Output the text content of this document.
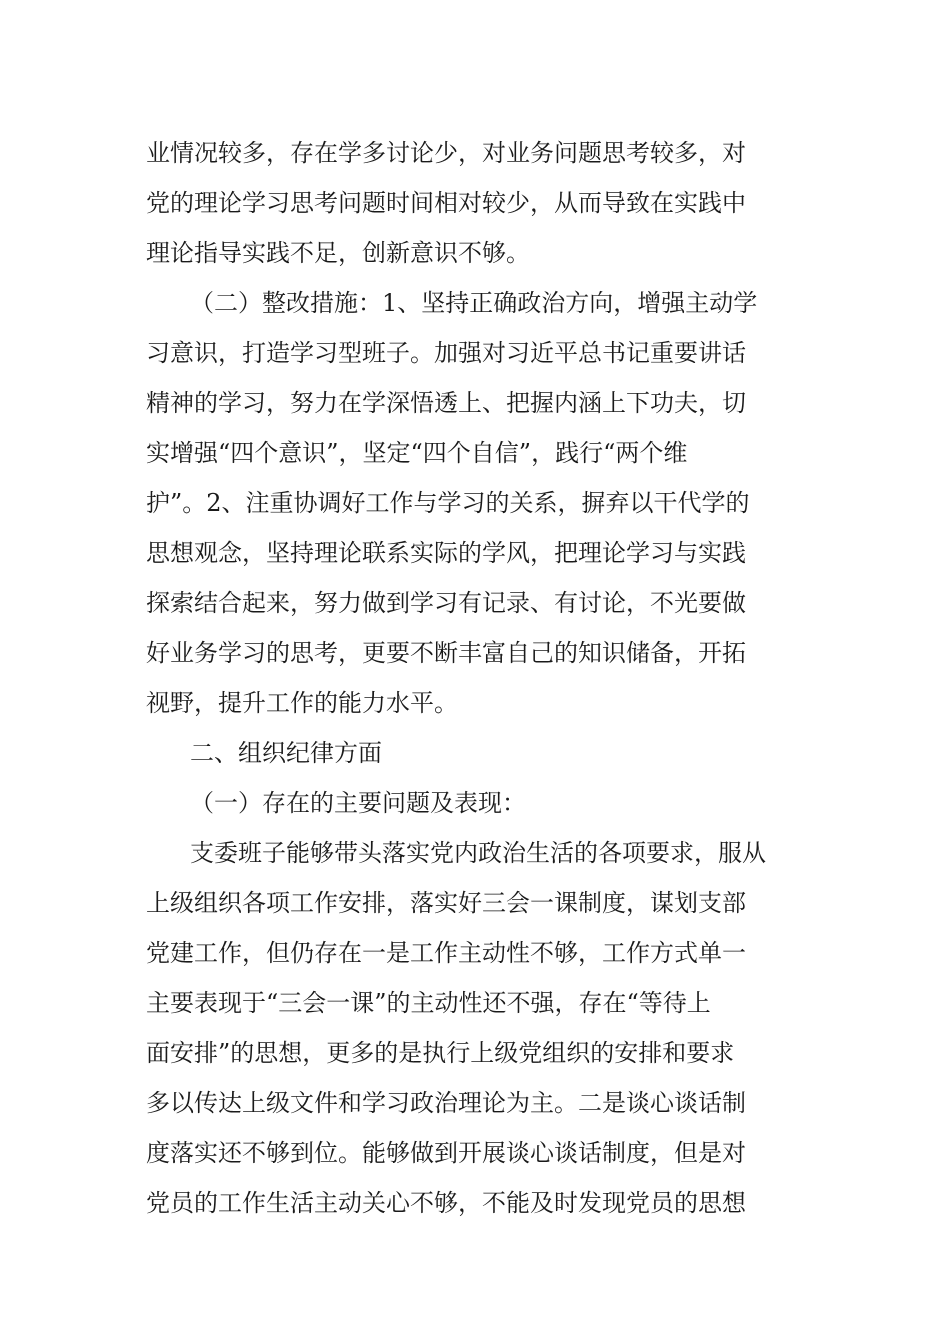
业情况较多，存在学多讨论少，对业务问题思考较多，对
党的理论学习思考问题时间相对较少，从而导致在实践中
理论指导实践不足，创新意识不够。
（二）整改措施：1、坚持正确政治方向，增强主动学
习意识，打造学习型班子。加强对习近平总书记重要讲话
精神的学习，努力在学深悟透上、把握内涵上下功夫，切
实增强“四个意识”，坚定“四个自信”，践行“两个维
护”。2、注重协调好工作与学习的关系，摒弃以干代学的
思想观念，坚持理论联系实际的学风，把理论学习与实践
探索结合起来，努力做到学习有记录、有讨论，不光要做
好业务学习的思考，更要不断丰富自己的知识储备，开拓
视野，提升工作的能力水平。
二、组织纪律方面
（一）存在的主要问题及表现：
支委班子能够带头落实党内政治生活的各项要求，服从
上级组织各项工作安排，落实好三会一课制度，谋划支部
党建工作，但仍存在一是工作主动性不够，工作方式单一
主要表现于“三会一课”的主动性还不强，存在“等待上
面安排”的思想，更多的是执行上级党组织的安排和要求
多以传达上级文件和学习政治理论为主。二是谈心谈话制
度落实还不够到位。能够做到开展谈心谈话制度，但是对
党员的工作生活主动关心不够，不能及时发现党员的思想
